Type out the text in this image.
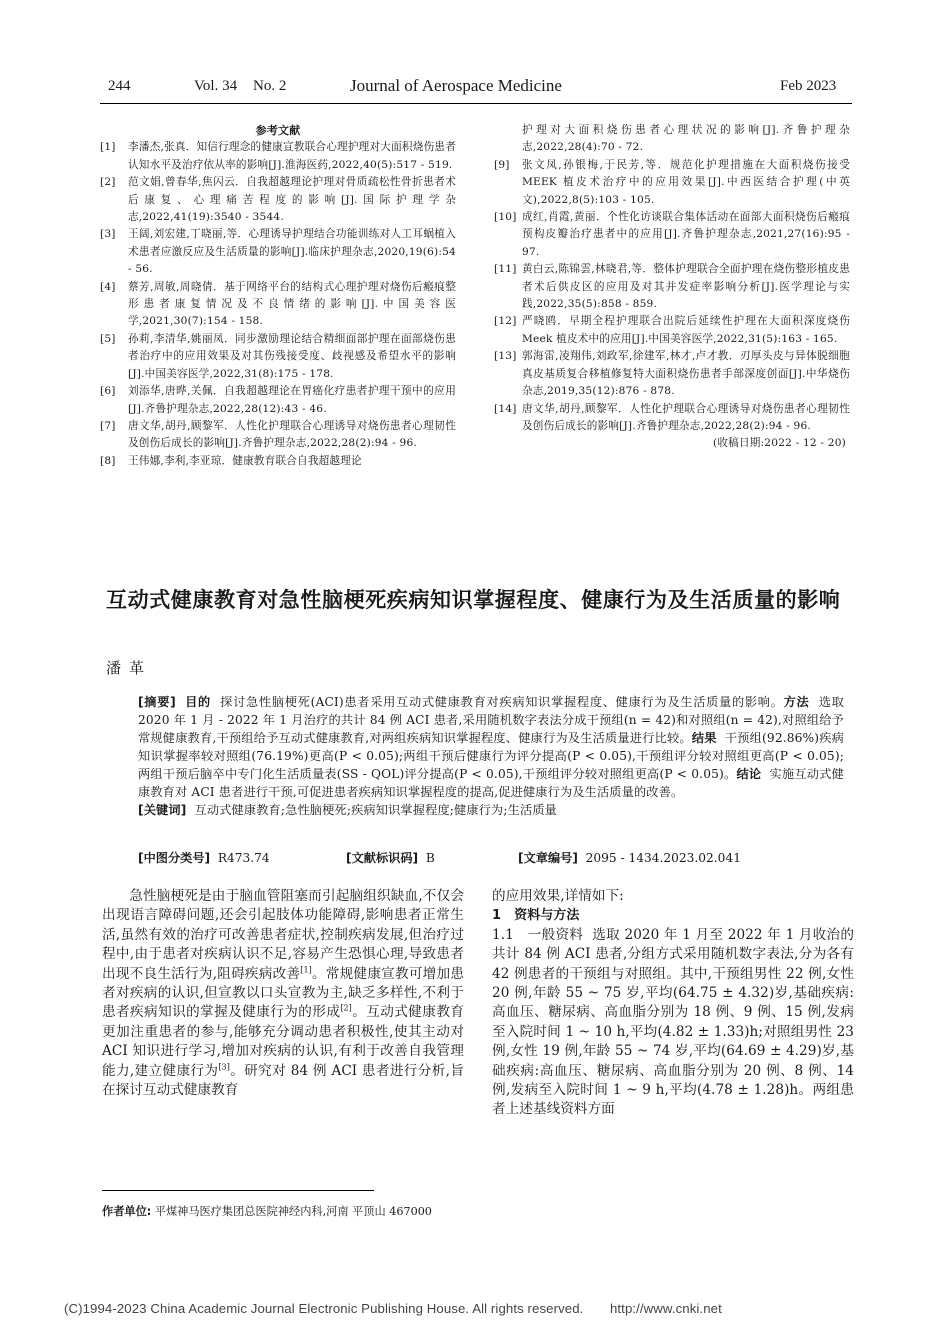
244	Vol. 34 No. 2	Journal of Aerospace Medicine	Feb 2023
参考文献
[1]	李潘杰,张真．知信行理念的健康宣教联合心理护理对大面积烧伤患者认知水平及治疗依从率的影响[J].淮海医药,2022,40(5):517 - 519.
[2]	范文娟,曾春华,焦闪云．自我超越理论护理对骨质疏松性骨折患者术后康复、心理痛苦程度的影响[J].国际护理学杂志,2022,41(19):3540 - 3544.
[3]	王阔,刘宏建,丁晓丽,等．心理诱导护理结合功能训练对人工耳蜗植入术患者应激反应及生活质量的影响[J].临床护理杂志,2020,19(6):54 - 56.
[4]	蔡芳,周敏,周晓倩．基于网络平台的结构式心理护理对烧伤后瘢痕整形患者康复情况及不良情绪的影响[J].中国美容医学,2021,30(7):154 - 158.
[5]	孙莉,李清华,姚丽凤．同步激励理论结合精细面部护理在面部烧伤患者治疗中的应用效果及对其伤残接受度、歧视感及希望水平的影响[J].中国美容医学,2022,31(8):175 - 178.
[6]	刘添华,唐晔,关佩．自我超越理论在胃癌化疗患者护理干预中的应用[J].齐鲁护理杂志,2022,28(12):43 - 46.
[7]	唐文华,胡丹,顾黎军．人性化护理联合心理诱导对烧伤患者心理韧性及创伤后成长的影响[J].齐鲁护理杂志,2022,28(2):94 - 96.
[8]	王伟娜,李利,李亚琼．健康教育联合自我超越理论
护理对大面积烧伤患者心理状况的影响[J].齐鲁护理杂志,2022,28(4):70 - 72.
[9]	张文凤,孙银梅,于民芳,等．规范化护理措施在大面积烧伤接受 MEEK 植皮术治疗中的应用效果[J].中西医结合护理(中英文),2022,8(5):103 - 105.
[10] 成红,肖霞,黄丽．个性化访谈联合集体活动在面部大面积烧伤后瘢痕预构皮瓣治疗患者中的应用[J].齐鲁护理杂志,2021,27(16):95 - 97.
[11] 黄白云,陈锦雲,林晓君,等．整体护理联合全面护理在烧伤整形植皮患者术后供皮区的应用及对其并发症率影响分析[J].医学理论与实践,2022,35(5):858 - 859.
[12] 严晓鸥．早期全程护理联合出院后延续性护理在大面积深度烧伤 Meek 植皮术中的应用[J].中国美容医学,2022,31(5):163 - 165.
[13] 郭海雷,凌翔伟,刘政军,徐建军,林才,卢才教．刃厚头皮与异体脱细胞真皮基质复合移植修复特大面积烧伤患者手部深度创面[J].中华烧伤杂志,2019,35(12):876 - 878.
[14] 唐文华,胡丹,顾黎军．人性化护理联合心理诱导对烧伤患者心理韧性及创伤后成长的影响[J].齐鲁护理杂志,2022,28(2):94 - 96.
(收稿日期:2022 - 12 - 20)
互动式健康教育对急性脑梗死疾病知识掌握程度、健康行为及生活质量的影响
潘革
[摘要] 目的 探讨急性脑梗死(ACI)患者采用互动式健康教育对疾病知识掌握程度、健康行为及生活质量的影响。方法 选取 2020 年 1 月 - 2022 年 1 月治疗的共计 84 例 ACI 患者,采用随机数字表法分成干预组(n = 42)和对照组(n = 42),对照组给予常规健康教育,干预组给予互动式健康教育,对两组疾病知识掌握程度、健康行为及生活质量进行比较。结果 干预组(92.86%)疾病知识掌握率较对照组(76.19%)更高(P < 0.05);两组干预后健康行为评分提高(P < 0.05),干预组评分较对照组更高(P < 0.05);两组干预后脑卒中专门化生活质量表(SS - QOL)评分提高(P < 0.05),干预组评分较对照组更高(P < 0.05)。结论 实施互动式健康教育对 ACI 患者进行干预,可促进患者疾病知识掌握程度的提高,促进健康行为及生活质量的改善。
[关键词] 互动式健康教育;急性脑梗死;疾病知识掌握程度;健康行为;生活质量
[中图分类号] R473.74	[文献标识码] B	[文章编号] 2095 - 1434.2023.02.041
急性脑梗死是由于脑血管阻塞而引起脑组织缺血,不仅会出现语言障碍问题,还会引起肢体功能障碍,影响患者正常生活,虽然有效的治疗可改善患者症状,控制疾病发展,但治疗过程中,由于患者对疾病认识不足,容易产生恐惧心理,导致患者出现不良生活行为,阻碍疾病改善[1]。常规健康宣教可增加患者对疾病的认识,但宣教以口头宣教为主,缺乏多样性,不利于患者疾病知识的掌握及健康行为的形成[2]。互动式健康教育更加注重患者的参与,能够充分调动患者积极性,使其主动对 ACI 知识进行学习,增加对疾病的认识,有利于改善自我管理能力,建立健康行为[3]。研究对 84 例 ACI 患者进行分析,旨在探讨互动式健康教育
的应用效果,详情如下:
1　资料与方法
1.1　一般资料 选取 2020 年 1 月至 2022 年 1 月收治的共计 84 例 ACI 患者,分组方式采用随机数字表法,分为各有 42 例患者的干预组与对照组。其中,干预组男性 22 例,女性 20 例,年龄 55 ~ 75 岁,平均(64.75 ± 4.32)岁,基础疾病:高血压、糖尿病、高血脂分别为 18 例、9 例、15 例,发病至入院时间 1 ~ 10 h,平均(4.82 ± 1.33)h;对照组男性 23 例,女性 19 例,年龄 55 ~ 74 岁,平均(64.69 ± 4.29)岁,基础疾病:高血压、糖尿病、高血脂分别为 20 例、8 例、14 例,发病至入院时间 1 ~ 9 h,平均(4.78 ± 1.28)h。两组患者上述基线资料方面
作者单位: 平煤神马医疗集团总医院神经内科,河南 平顶山 467000
(C)1994-2023 China Academic Journal Electronic Publishing House. All rights reserved.　　http://www.cnki.net
